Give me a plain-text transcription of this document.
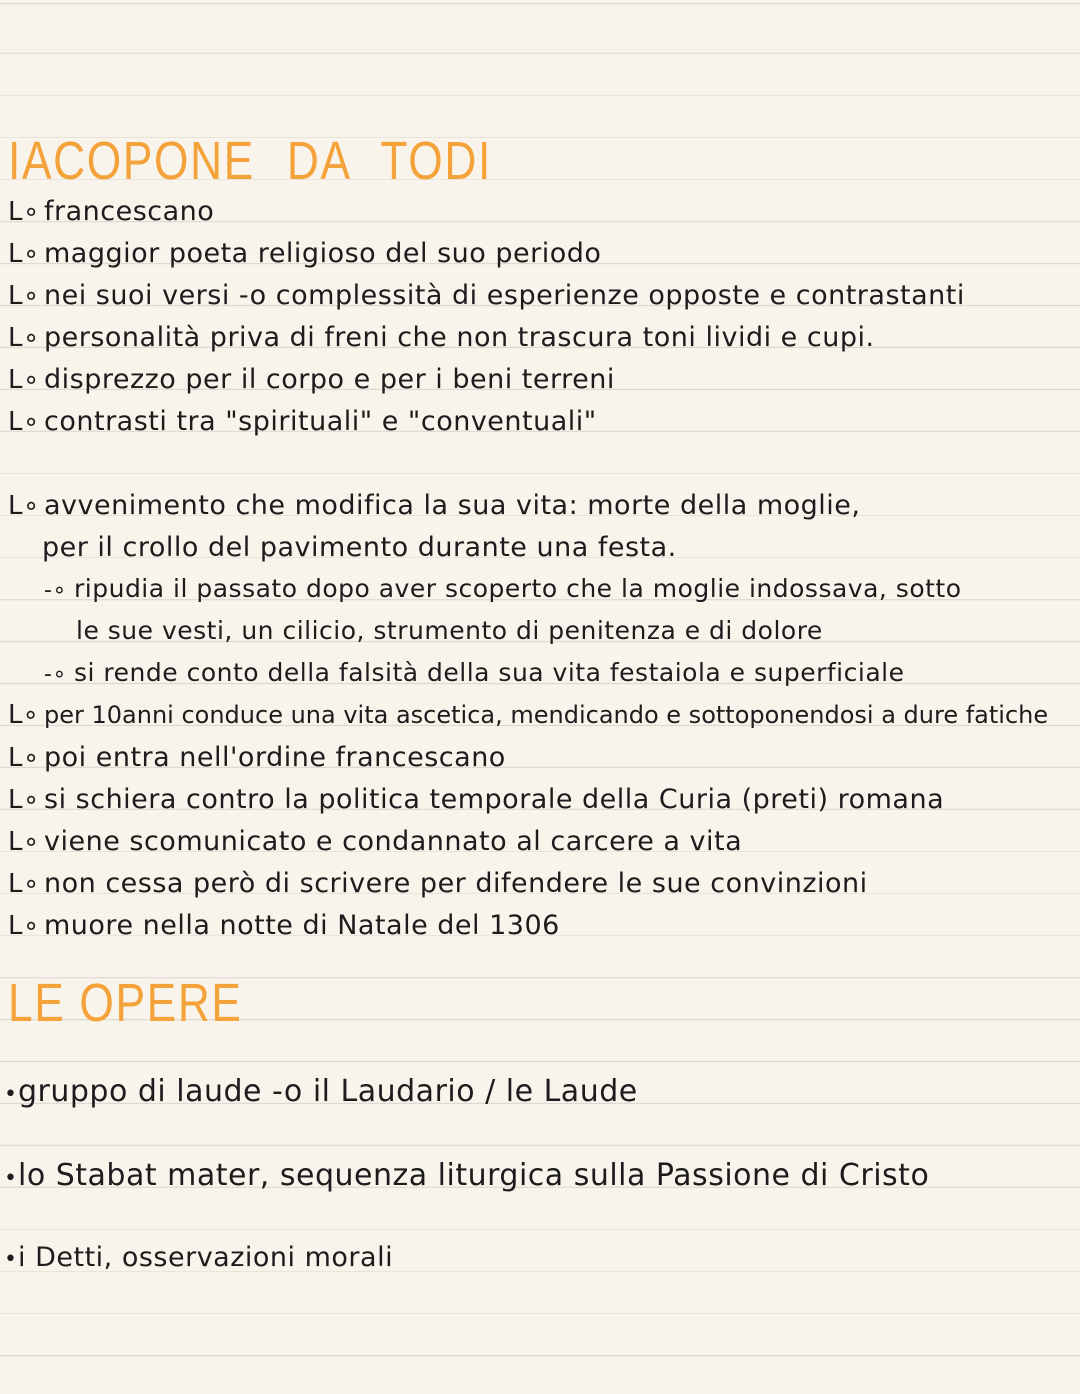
IACOPONE DA TODI
L∘ francescano
L∘ maggior poeta religioso del suo periodo
L∘ nei suoi versi -o complessità di esperienze opposte e contrastanti
L∘ personalità priva di freni che non trascura toni lividi e cupi.
L∘ disprezzo per il corpo e per i beni terreni
L∘ contrasti tra "spirituali" e "conventuali"
L∘ avvenimento che modifica la sua vita: morte della moglie,
per il crollo del pavimento durante una festa.
-∘ ripudia il passato dopo aver scoperto che la moglie indossava, sotto
le sue vesti, un cilicio, strumento di penitenza e di dolore
-∘ si rende conto della falsità della sua vita festaiola e superficiale
L∘ per 10anni conduce una vita ascetica, mendicando e sottoponendosi a dure fatiche
L∘ poi entra nell'ordine francescano
L∘ si schiera contro la politica temporale della Curia (preti) romana
L∘ viene scomunicato e condannato al carcere a vita
L∘ non cessa però di scrivere per difendere le sue convinzioni
L∘ muore nella notte di Natale del 1306
LE OPERE
•gruppo di laude -o il Laudario / le Laude
•lo Stabat mater, sequenza liturgica sulla Passione di Cristo
•i Detti, osservazioni morali
